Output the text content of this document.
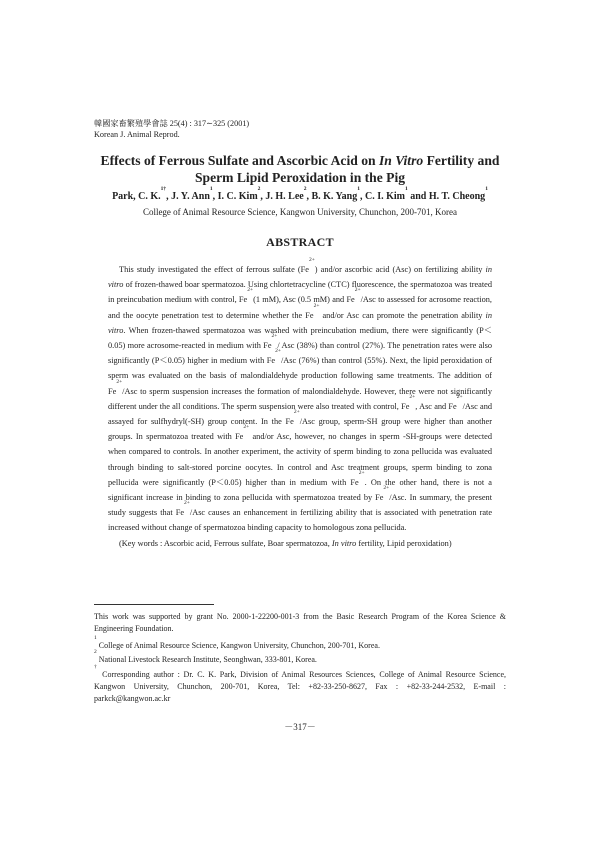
韓國家畜繁殖學會誌 25(4) : 317∼325 (2001)
Korean J. Animal Reprod.
Effects of Ferrous Sulfate and Ascorbic Acid on In Vitro Fertility and
Sperm Lipid Peroxidation in the Pig
Park, C. K.$^{1\dagger}$, J. Y. Ann$^1$, I. C. Kim$^2$, J. H. Lee$^2$, B. K. Yang$^1$, C. I. Kim$^1$ and H. T. Cheong$^1$
College of Animal Resource Science, Kangwon University, Chunchon, 200-701, Korea
ABSTRACT

This study investigated the effect of ferrous sulfate $(Fe^{2+})$ and/or ascorbic acid (Asc) on fertilizing ability in vitro of frozen-thawed boar spermatozoa. Using chlortetracycline (CTC) fluorescence, the spermatozoa was treated in preincubation medium with control, $Fe^{2+}(1$ mM), Asc (0.5 mM) and $Fe^{2+}$/Asc to assessed for acrosome reaction, and the oocyte penetration test to determine whether the $Fe^{2+}$ and/or Asc can promote the penetration ability in vitro. When frozen-thawed spermatozoa was washed with preincubation medium, there were significantly (P＜0.05) more acrosome-reacted in medium with $Fe^{2+}/$ Asc (38%) than control (27%). The penetration rates were also significantly (P＜0.05) higher in medium with $Fe^{2+}$/Asc (76%) than control (55%). Next, the lipid peroxidation of sperm was evaluated on the basis of malondialdehyde production following same treatments. The addition of $Fe^{2+}$/Asc to sperm suspension increases the formation of malondialdehyde. However, there were not significantly different under the all conditions. The sperm suspension were also treated with control, $Fe^{2+}$, Asc and $Fe^{2+}$/Asc and assayed for sulfhydryl(-SH) group content. In the $Fe^{2+}$/Asc group, sperm-SH group were higher than another groups. In spermatozoa treated with $Fe^{2+}$ and/or Asc, however, no changes in sperm -SH-groups were detected when compared to controls. In another experiment, the activity of sperm binding to zona pellucida was evaluated through binding to salt-stored porcine oocytes. In control and Asc treatment groups, sperm binding to zona pellucida were significantly (P＜0.05) higher than in medium with $Fe^{2+}$. On the other hand, there is not a significant increase in binding to zona pellucida with spermatozoa treated by $Fe^{2+}$/Asc. In summary, the present study suggests that $Fe^{2+}$/Asc causes an enhancement in fertilizing ability that is associated with penetration rate increased without change of spermatozoa binding capacity to homologous zona pellucida.

(Key words : Ascorbic acid, Ferrous sulfate, Boar spermatozoa, In vitro fertility, Lipid peroxidation)

This work was supported by grant No. 2000-1-22200-001-3 from the Basic Research Program of the Korea Science & Engineering Foundation.
$^1$ College of Animal Resource Science, Kangwon University, Chunchon, 200-701, Korea.
$^2$ National Livestock Research Institute, Seonghwan, 333-801, Korea.
† Corresponding author : Dr. C. K. Park, Division of Animal Resources Sciences, College of Animal Resource Science, Kangwon University, Chunchon, 200-701, Korea, Tel: +82-33-250-8627, Fax : +82-33-244-2532, E-mail : parkck@kangwon.ac.kr
－317－
